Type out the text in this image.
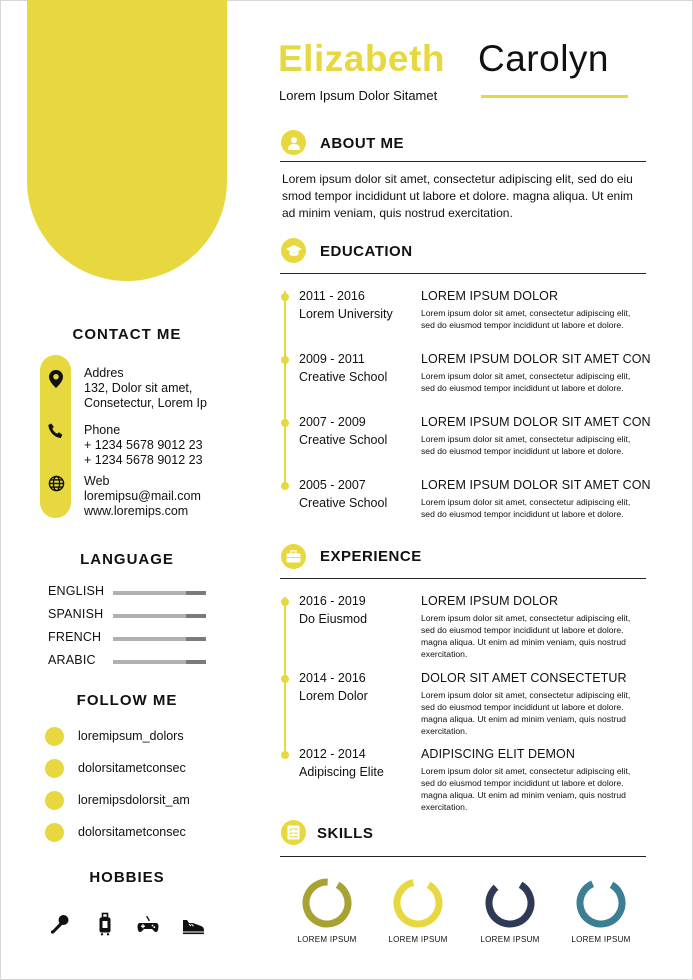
CONTACT ME
Addres
132, Dolor sit amet,
Consetectur, Lorem Ip
Phone
+ 1234 5678 9012 23
+ 1234 5678 9012 23
Web
loremipsu@mail.com
www.loremips.com
LANGUAGE
ENGLISH
SPANISH
FRENCH
ARABIC
FOLLOW ME
loremipsum_dolors
dolorsitametconsec
loremipsdolorsit_am
dolorsitametconsec
HOBBIES
Elizabeth Carolyn
Lorem Ipsum Dolor Sitamet
ABOUT ME
Lorem ipsum dolor sit amet, consectetur adipiscing elit, sed do eiu smod tempor incididunt ut labore et dolore. magna aliqua. Ut enim ad minim veniam, quis nostrud exercitation.
EDUCATION
2011 - 2016
Lorem University
LOREM IPSUM DOLOR
Lorem ipsum dolor sit amet, consectetur adipiscing elit, sed do eiusmod tempor incididunt ut labore et dolore.
2009 - 2011
Creative School
LOREM IPSUM DOLOR SIT AMET CON
Lorem ipsum dolor sit amet, consectetur adipiscing elit, sed do eiusmod tempor incididunt ut labore et dolore.
2007 - 2009
Creative School
LOREM IPSUM DOLOR SIT AMET CON
Lorem ipsum dolor sit amet, consectetur adipiscing elit, sed do eiusmod tempor incididunt ut labore et dolore.
2005 - 2007
Creative School
LOREM IPSUM DOLOR SIT AMET CON
Lorem ipsum dolor sit amet, consectetur adipiscing elit, sed do eiusmod tempor incididunt ut labore et dolore.
EXPERIENCE
2016 - 2019
Do Eiusmod
LOREM IPSUM DOLOR
Lorem ipsum dolor sit amet, consectetur adipiscing elit, sed do eiusmod tempor incididunt ut labore et dolore. magna aliqua. Ut enim ad minim veniam, quis nostrud exercitation.
2014 - 2016
Lorem Dolor
DOLOR SIT AMET CONSECTETUR
Lorem ipsum dolor sit amet, consectetur adipiscing elit, sed do eiusmod tempor incididunt ut labore et dolore. magna aliqua. Ut enim ad minim veniam, quis nostrud exercitation.
2012 - 2014
Adipiscing Elite
ADIPISCING ELIT DEMON
Lorem ipsum dolor sit amet, consectetur adipiscing elit, sed do eiusmod tempor incididunt ut labore et dolore. magna aliqua. Ut enim ad minim veniam, quis nostrud exercitation.
SKILLS
LOREM IPSUM	LOREM IPSUM	LOREM IPSUM	LOREM IPSUM
